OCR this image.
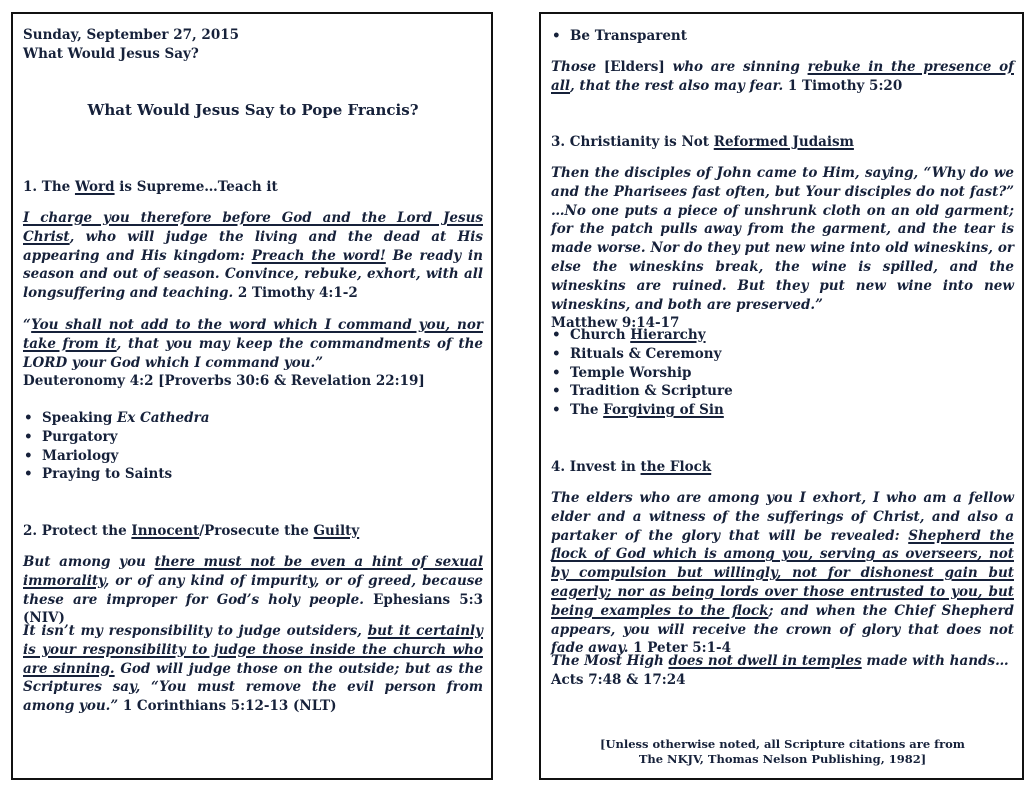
Sunday, September 27, 2015
What Would Jesus Say?
What Would Jesus Say to Pope Francis?
1. The Word is Supreme…Teach it

I charge you therefore before God and the Lord Jesus Christ, who will judge the living and the dead at His appearing and His kingdom: Preach the word! Be ready in season and out of season. Convince, rebuke, exhort, with all longsuffering and teaching. 2 Timothy 4:1-2

“You shall not add to the word which I command you, nor take from it, that you may keep the commandments of the LORD your God which I command you.”
Deuteronomy 4:2 [Proverbs 30:6 & Revelation 22:19]

• Speaking Ex Cathedra
• Purgatory
• Mariology
• Praying to Saints
2. Protect the Innocent/Prosecute the Guilty

But among you there must not be even a hint of sexual immorality, or of any kind of impurity, or of greed, because these are improper for God’s holy people. Ephesians 5:3 (NIV)

It isn’t my responsibility to judge outsiders, but it certainly is your responsibility to judge those inside the church who are sinning. God will judge those on the outside; but as the Scriptures say, “You must remove the evil person from among you.” 1 Corinthians 5:12-13 (NLT)

• Be Transparent

Those [Elders] who are sinning rebuke in the presence of all, that the rest also may fear. 1 Timothy 5:20

3. Christianity is Not Reformed Judaism

Then the disciples of John came to Him, saying, “Why do we and the Pharisees fast often, but Your disciples do not fast?” …No one puts a piece of unshrunk cloth on an old garment; for the patch pulls away from the garment, and the tear is made worse. Nor do they put new wine into old wineskins, or else the wineskins break, the wine is spilled, and the wineskins are ruined. But they put new wine into new wineskins, and both are preserved.”
Matthew 9:14-17

• Church Hierarchy
• Rituals & Ceremony
• Temple Worship
• Tradition & Scripture
• The Forgiving of Sin
4. Invest in the Flock

The elders who are among you I exhort, I who am a fellow elder and a witness of the sufferings of Christ, and also a partaker of the glory that will be revealed: Shepherd the flock of God which is among you, serving as overseers, not by compulsion but willingly, not for dishonest gain but eagerly; nor as being lords over those entrusted to you, but being examples to the flock; and when the Chief Shepherd appears, you will receive the crown of glory that does not fade away. 1 Peter 5:1-4

The Most High does not dwell in temples made with hands…
Acts 7:48 & 17:24

[Unless otherwise noted, all Scripture citations are from
The NKJV, Thomas Nelson Publishing, 1982]
